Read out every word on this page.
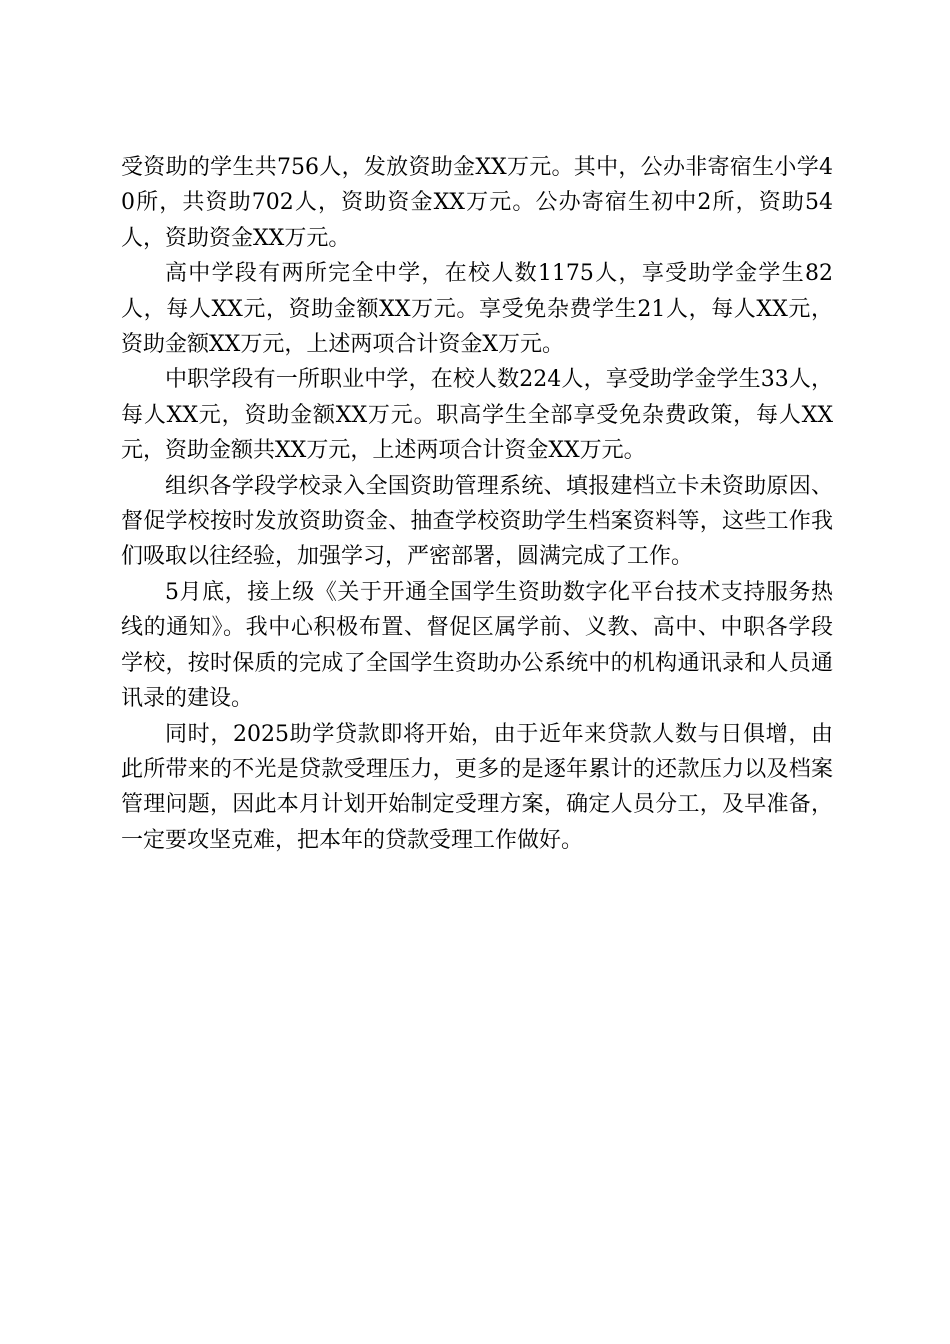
受资助的学生共756人，发放资助金XX万元。其中，公办非寄宿生小学40所，共资助702人，资助资金XX万元。公办寄宿生初中2所，资助54人，资助资金XX万元。

高中学段有两所完全中学，在校人数1175人，享受助学金学生82人，每人XX元，资助金额XX万元。享受免杂费学生21人，每人XX元，资助金额XX万元，上述两项合计资金X万元。

中职学段有一所职业中学，在校人数224人，享受助学金学生33人，每人XX元，资助金额XX万元。职高学生全部享受免杂费政策，每人XX元，资助金额共XX万元，上述两项合计资金XX万元。

组织各学段学校录入全国资助管理系统、填报建档立卡未资助原因、督促学校按时发放资助资金、抽查学校资助学生档案资料等，这些工作我们吸取以往经验，加强学习，严密部署，圆满完成了工作。

5月底，接上级《关于开通全国学生资助数字化平台技术支持服务热线的通知》。我中心积极布置、督促区属学前、义教、高中、中职各学段学校，按时保质的完成了全国学生资助办公系统中的机构通讯录和人员通讯录的建设。

同时，2025助学贷款即将开始，由于近年来贷款人数与日俱增，由此所带来的不光是贷款受理压力，更多的是逐年累计的还款压力以及档案管理问题，因此本月计划开始制定受理方案，确定人员分工，及早准备，一定要攻坚克难，把本年的贷款受理工作做好。
